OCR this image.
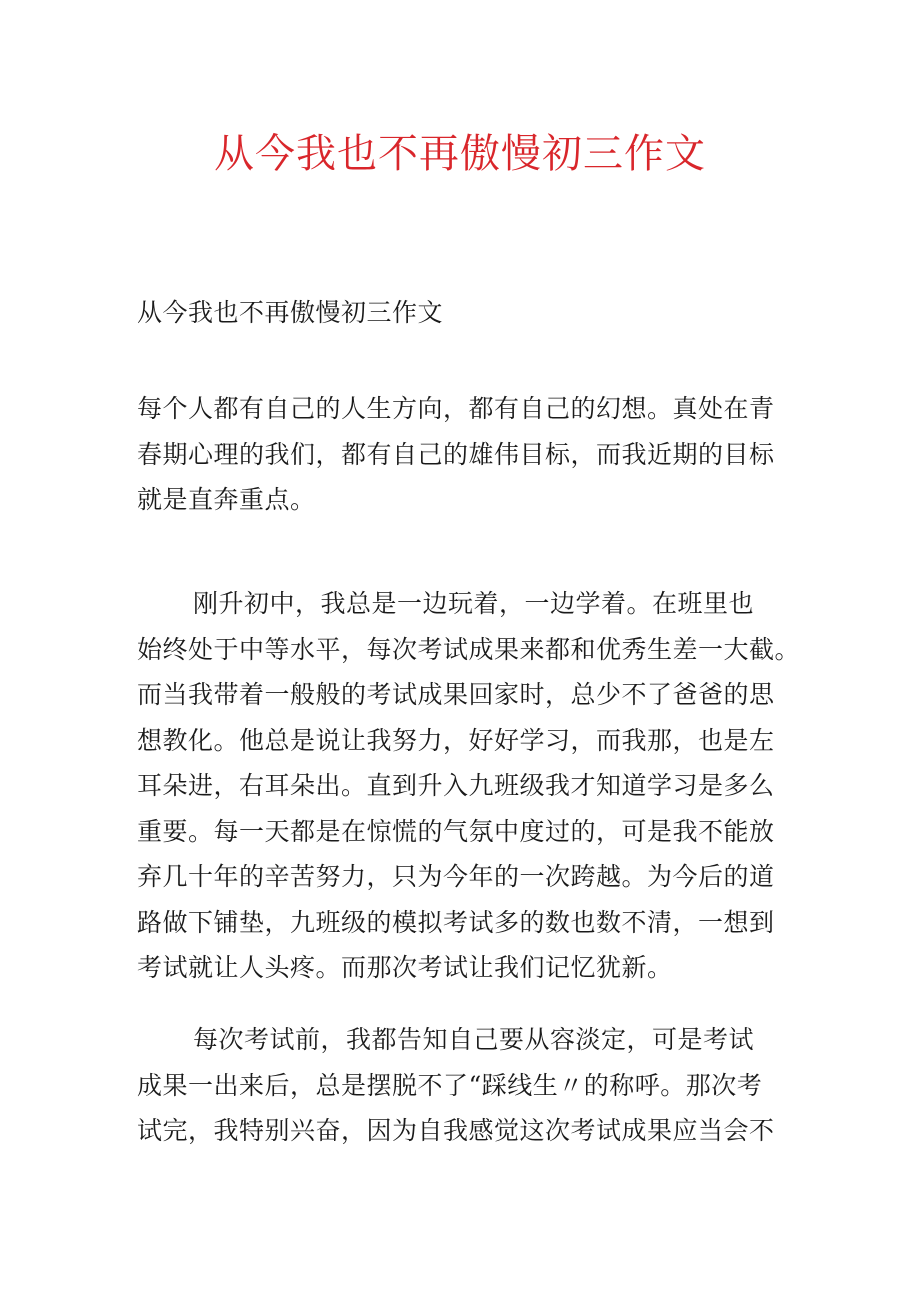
从今我也不再傲慢初三作文

从今我也不再傲慢初三作文

每个人都有自己的人生方向，都有自己的幻想。真处在青
春期心理的我们，都有自己的雄伟目标，而我近期的目标
就是直奔重点。

刚升初中，我总是一边玩着，一边学着。在班里也
始终处于中等水平，每次考试成果来都和优秀生差一大截。
而当我带着一般般的考试成果回家时，总少不了爸爸的思
想教化。他总是说让我努力，好好学习，而我那，也是左
耳朵进，右耳朵出。直到升入九班级我才知道学习是多么
重要。每一天都是在惊慌的气氛中度过的，可是我不能放
弃几十年的辛苦努力，只为今年的一次跨越。为今后的道
路做下铺垫，九班级的模拟考试多的数也数不清，一想到
考试就让人头疼。而那次考试让我们记忆犹新。

每次考试前，我都告知自己要从容淡定，可是考试
成果一出来后，总是摆脱不了“踩线生〃的称呼。那次考
试完，我特别兴奋，因为自我感觉这次考试成果应当会不
